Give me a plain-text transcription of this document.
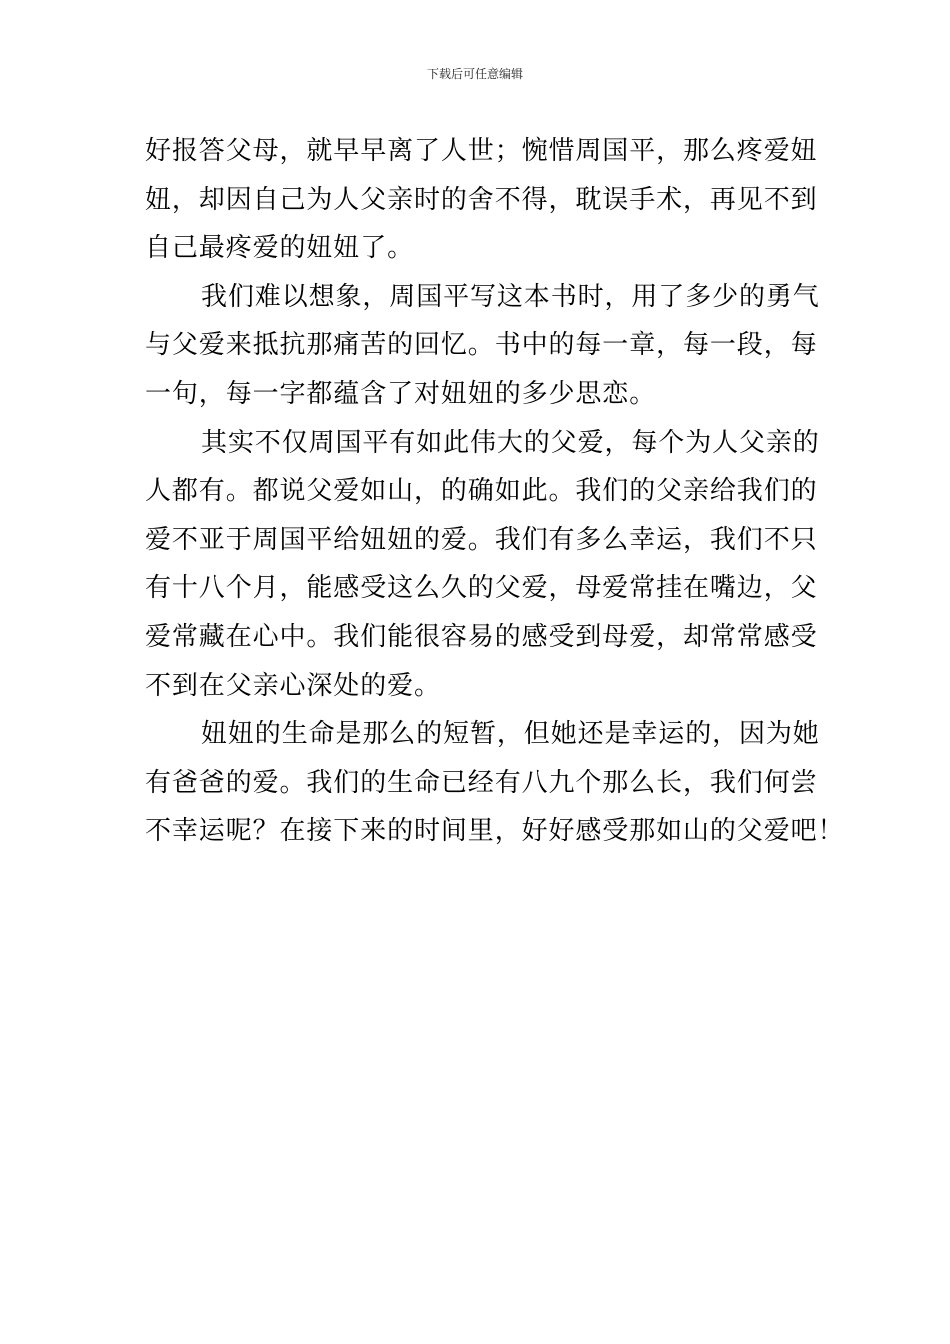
下载后可任意编辑
好报答父母，就早早离了人世；惋惜周国平，那么疼爱妞
妞，却因自己为人父亲时的舍不得，耽误手术，再见不到
自己最疼爱的妞妞了。
我们难以想象，周国平写这本书时，用了多少的勇气
与父爱来抵抗那痛苦的回忆。书中的每一章，每一段，每
一句，每一字都蕴含了对妞妞的多少思恋。
其实不仅周国平有如此伟大的父爱，每个为人父亲的
人都有。都说父爱如山，的确如此。我们的父亲给我们的
爱不亚于周国平给妞妞的爱。我们有多么幸运，我们不只
有十八个月，能感受这么久的父爱，母爱常挂在嘴边，父
爱常藏在心中。我们能很容易的感受到母爱，却常常感受
不到在父亲心深处的爱。
妞妞的生命是那么的短暂，但她还是幸运的，因为她
有爸爸的爱。我们的生命已经有八九个那么长，我们何尝
不幸运呢？在接下来的时间里，好好感受那如山的父爱吧！
